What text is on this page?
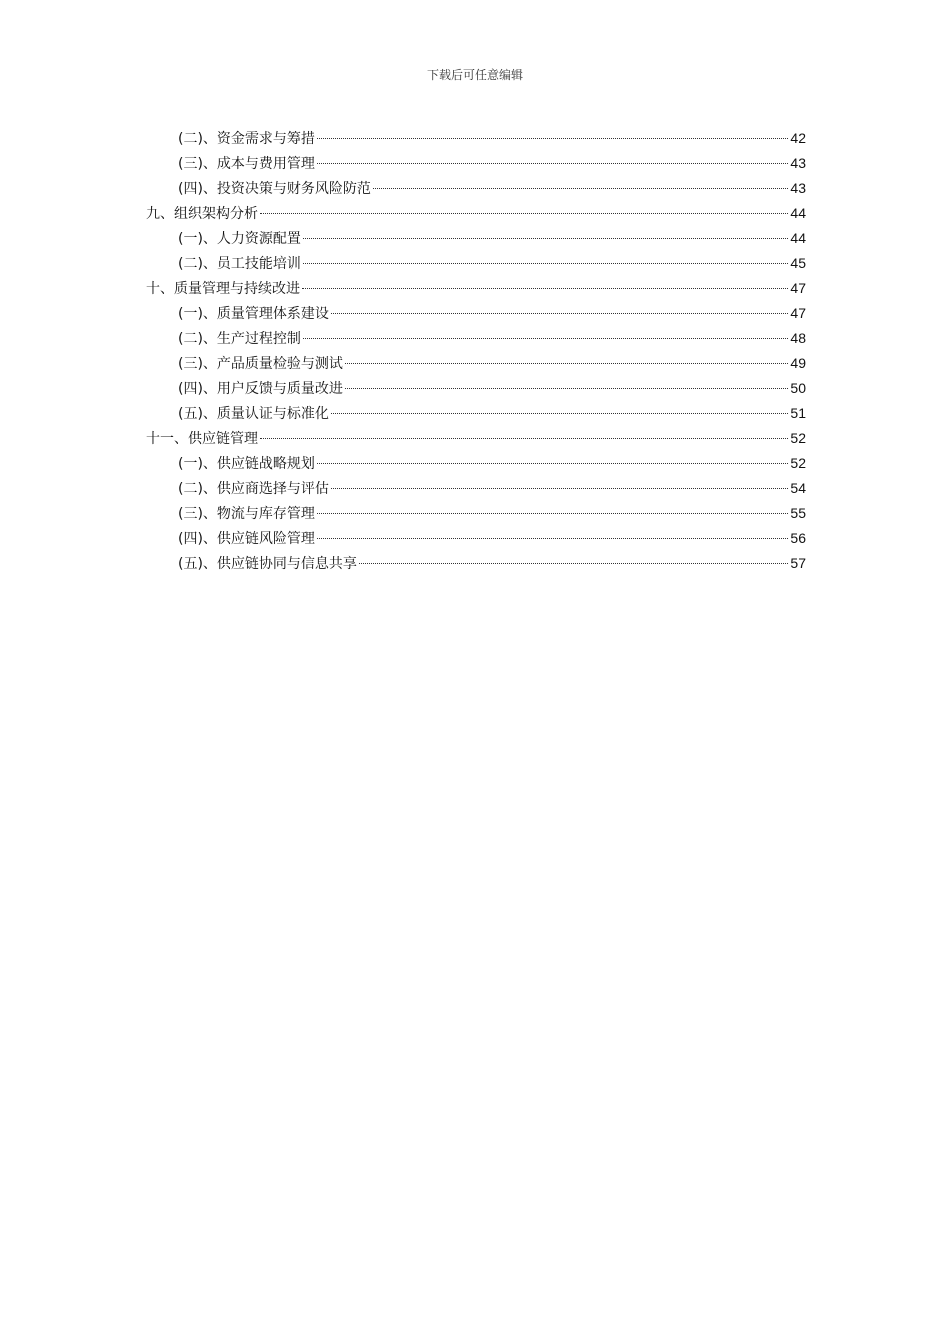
下载后可任意编辑
(二)、资金需求与筹措	42
(三)、成本与费用管理	43
(四)、投资决策与财务风险防范	43
九、组织架构分析	44
(一)、人力资源配置	44
(二)、员工技能培训	45
十、质量管理与持续改进	47
(一)、质量管理体系建设	47
(二)、生产过程控制	48
(三)、产品质量检验与测试	49
(四)、用户反馈与质量改进	50
(五)、质量认证与标准化	51
十一、供应链管理	52
(一)、供应链战略规划	52
(二)、供应商选择与评估	54
(三)、物流与库存管理	55
(四)、供应链风险管理	56
(五)、供应链协同与信息共享	57
